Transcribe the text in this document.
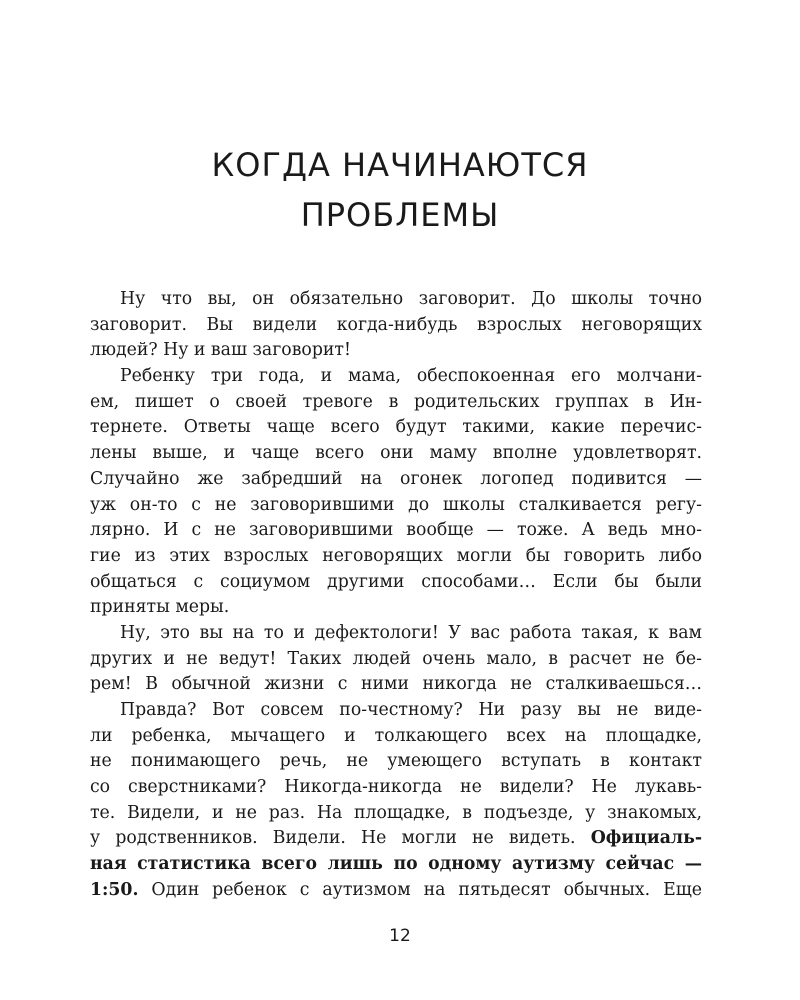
КОГДА НАЧИНАЮТСЯ
ПРОБЛЕМЫ
Ну что вы, он обязательно заговорит. До школы точно
заговорит. Вы видели когда-нибудь взрослых неговорящих
людей? Ну и ваш заговорит!
Ребенку три года, и мама, обеспокоенная его молчани-
ем, пишет о своей тревоге в родительских группах в Ин-
тернете. Ответы чаще всего будут такими, какие перечис-
лены выше, и чаще всего они маму вполне удовлетворят.
Случайно же забредший на огонек логопед подивится —
уж он-то с не заговорившими до школы сталкивается регу-
лярно. И с не заговорившими вообще — тоже. А ведь мно-
гие из этих взрослых неговорящих могли бы говорить либо
общаться с социумом другими способами… Если бы были
приняты меры.
Ну, это вы на то и дефектологи! У вас работа такая, к вам
других и не ведут! Таких людей очень мало, в расчет не бе-
рем! В обычной жизни с ними никогда не сталкиваешься…
Правда? Вот совсем по-честному? Ни разу вы не виде-
ли ребенка, мычащего и толкающего всех на площадке,
не понимающего речь, не умеющего вступать в контакт
со сверстниками? Никогда-никогда не видели? Не лукавь-
те. Видели, и не раз. На площадке, в подъезде, у знакомых,
у родственников. Видели. Не могли не видеть. Официаль-
ная статистика всего лишь по одному аутизму сейчас —
1:50. Один ребенок с аутизмом на пятьдесят обычных. Еще
12
